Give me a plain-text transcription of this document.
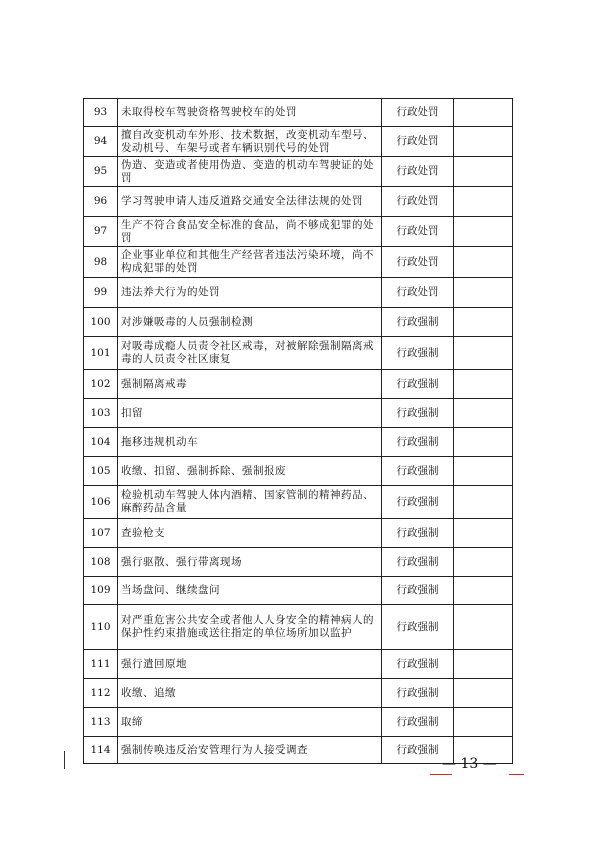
93	未取得校车驾驶资格驾驶校车的处罚	行政处罚	
94	擅自改变机动车外形、技术数据，改变机动车型号、发动机号、车架号或者车辆识别代号的处罚	行政处罚	
95	伪造、变造或者使用伪造、变造的机动车驾驶证的处罚	行政处罚	
96	学习驾驶申请人违反道路交通安全法律法规的处罚	行政处罚	
97	生产不符合食品安全标准的食品，尚不够成犯罪的处罚	行政处罚	
98	企业事业单位和其他生产经营者违法污染环境，尚不构成犯罪的处罚	行政处罚	
99	违法养犬行为的处罚	行政处罚	
100	对涉嫌吸毒的人员强制检测	行政强制	
101	对吸毒成瘾人员责令社区戒毒，对被解除强制隔离戒毒的人员责令社区康复	行政强制	
102	强制隔离戒毒	行政强制	
103	扣留	行政强制	
104	拖移违规机动车	行政强制	
105	收缴、扣留、强制拆除、强制报废	行政强制	
106	检验机动车驾驶人体内酒精、国家管制的精神药品、麻醉药品含量	行政强制	
107	查验枪支	行政强制	
108	强行驱散、强行带离现场	行政强制	
109	当场盘问、继续盘问	行政强制	
110	对严重危害公共安全或者他人人身安全的精神病人的保护性约束措施或送往指定的单位场所加以监护	行政强制	
111	强行遣回原地	行政强制	
112	收缴、追缴	行政强制	
113	取缔	行政强制	
114	强制传唤违反治安管理行为人接受调查	行政强制	
— 13 —
